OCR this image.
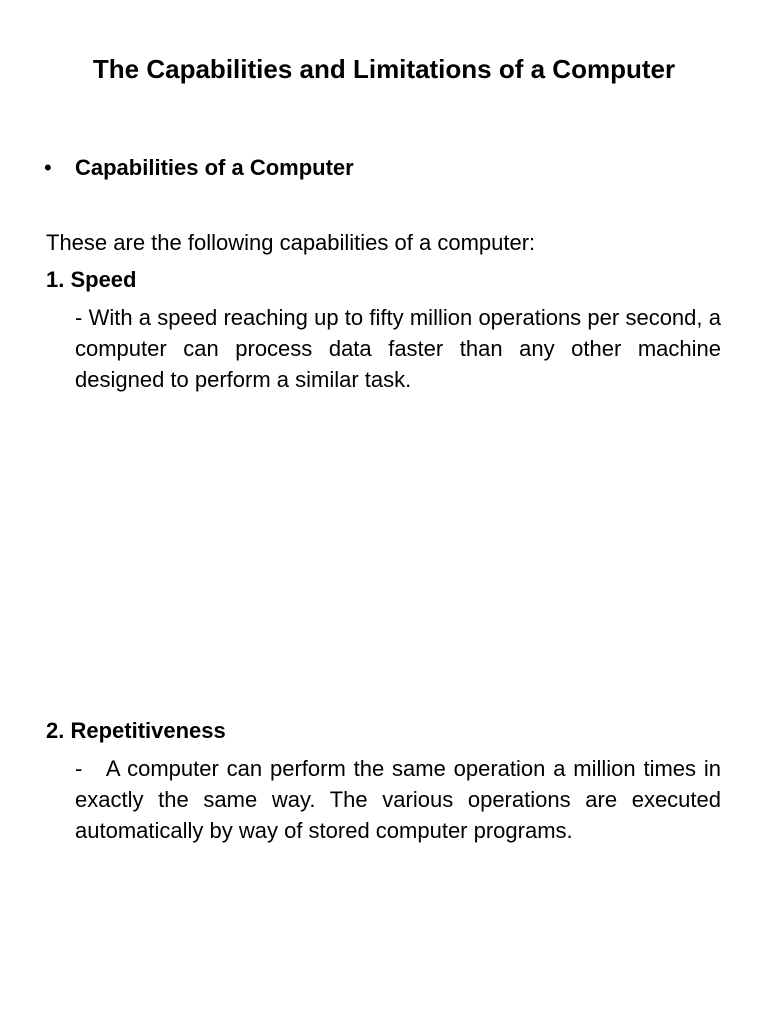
The Capabilities and Limitations of a Computer
• Capabilities of a Computer
These are the following capabilities of a computer:
1. Speed
- With a speed reaching up to fifty million operations per second, a computer can process data faster than any other machine designed to perform a similar task.
2. Repetitiveness
-   A computer can perform the same operation a million times in exactly the same way. The various operations are executed automatically by way of stored computer programs.
